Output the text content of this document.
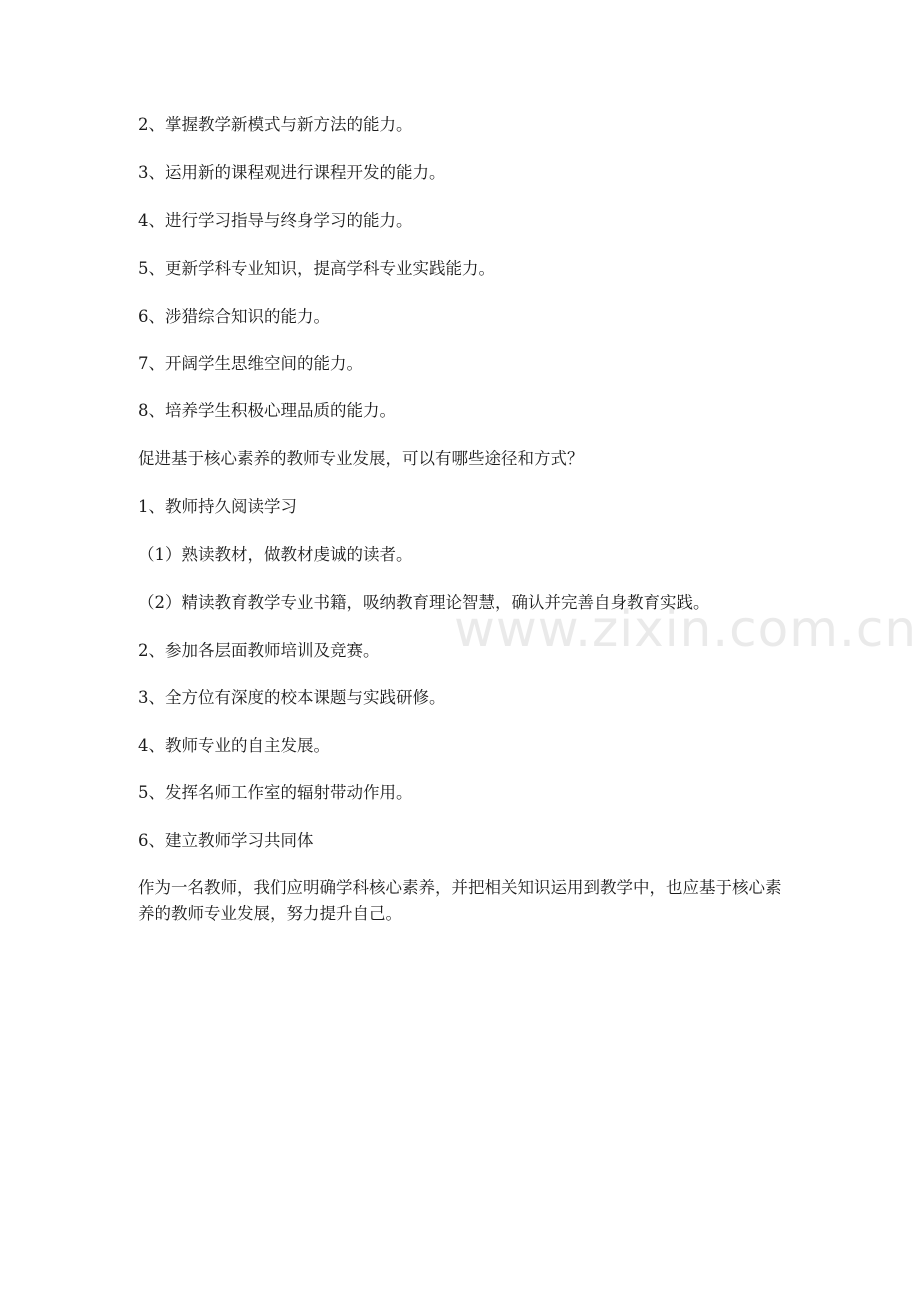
2、掌握教学新模式与新方法的能力。
3、运用新的课程观进行课程开发的能力。
4、进行学习指导与终身学习的能力。
5、更新学科专业知识，提高学科专业实践能力。
6、涉猎综合知识的能力。
7、开阔学生思维空间的能力。
8、培养学生积极心理品质的能力。
促进基于核心素养的教师专业发展，可以有哪些途径和方式？
1、教师持久阅读学习
（1）熟读教材，做教材虔诚的读者。
（2）精读教育教学专业书籍，吸纳教育理论智慧，确认并完善自身教育实践。
2、参加各层面教师培训及竞赛。
3、全方位有深度的校本课题与实践研修。
4、教师专业的自主发展。
5、发挥名师工作室的辐射带动作用。
6、建立教师学习共同体
作为一名教师，我们应明确学科核心素养，并把相关知识运用到教学中，也应基于核心素养的教师专业发展，努力提升自己。
www.zixin.com.cn
